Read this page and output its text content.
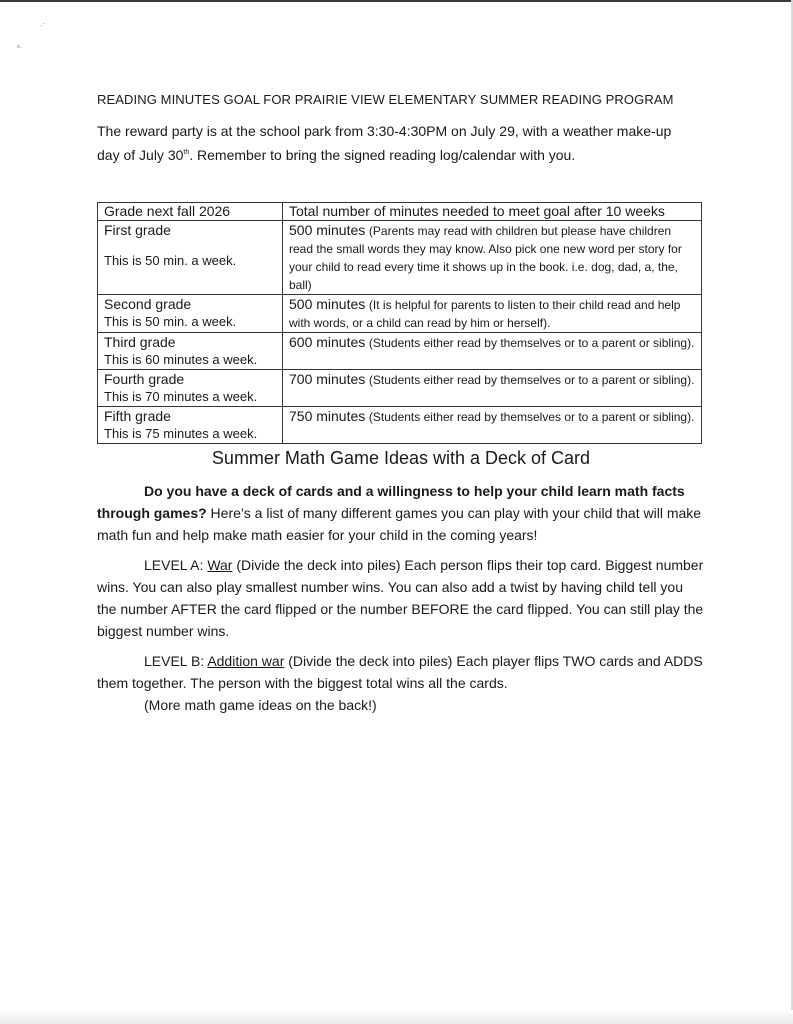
.·
ˢ·
READING MINUTES GOAL FOR PRAIRIE VIEW ELEMENTARY SUMMER READING PROGRAM

The reward party is at the school park from 3:30-4:30PM on July 29, with a weather make-up
day of July 30th. Remember to bring the signed reading log/calendar with you.

Grade next fall 2026	Total number of minutes needed to meet goal after 10 weeks

First grade
This is 50 min. a week.	500 minutes (Parents may read with children but please have children read the small words they may know. Also pick one new word per story for your child to read every time it shows up in the book. i.e. dog, dad, a, the, ball)

Second grade
This is 50 min. a week.	500 minutes (It is helpful for parents to listen to their child read and help with words, or a child can read by him or herself).

Third grade
This is 60 minutes a week.	600 minutes (Students either read by themselves or to a parent or sibling).

Fourth grade
This is 70 minutes a week.	700 minutes (Students either read by themselves or to a parent or sibling).

Fifth grade
This is 75 minutes a week.	750 minutes (Students either read by themselves or to a parent or sibling).
Summer Math Game Ideas with a Deck of Card

Do you have a deck of cards and a willingness to help your child learn math facts through games? Here’s a list of many different games you can play with your child that will make math fun and help make math easier for your child in the coming years!

LEVEL A: War (Divide the deck into piles) Each person flips their top card. Biggest number wins. You can also play smallest number wins. You can also add a twist by having child tell you the number AFTER the card flipped or the number BEFORE the card flipped. You can still play the biggest number wins.

LEVEL B: Addition war (Divide the deck into piles) Each player flips TWO cards and ADDS them together. The person with the biggest total wins all the cards.
(More math game ideas on the back!)
